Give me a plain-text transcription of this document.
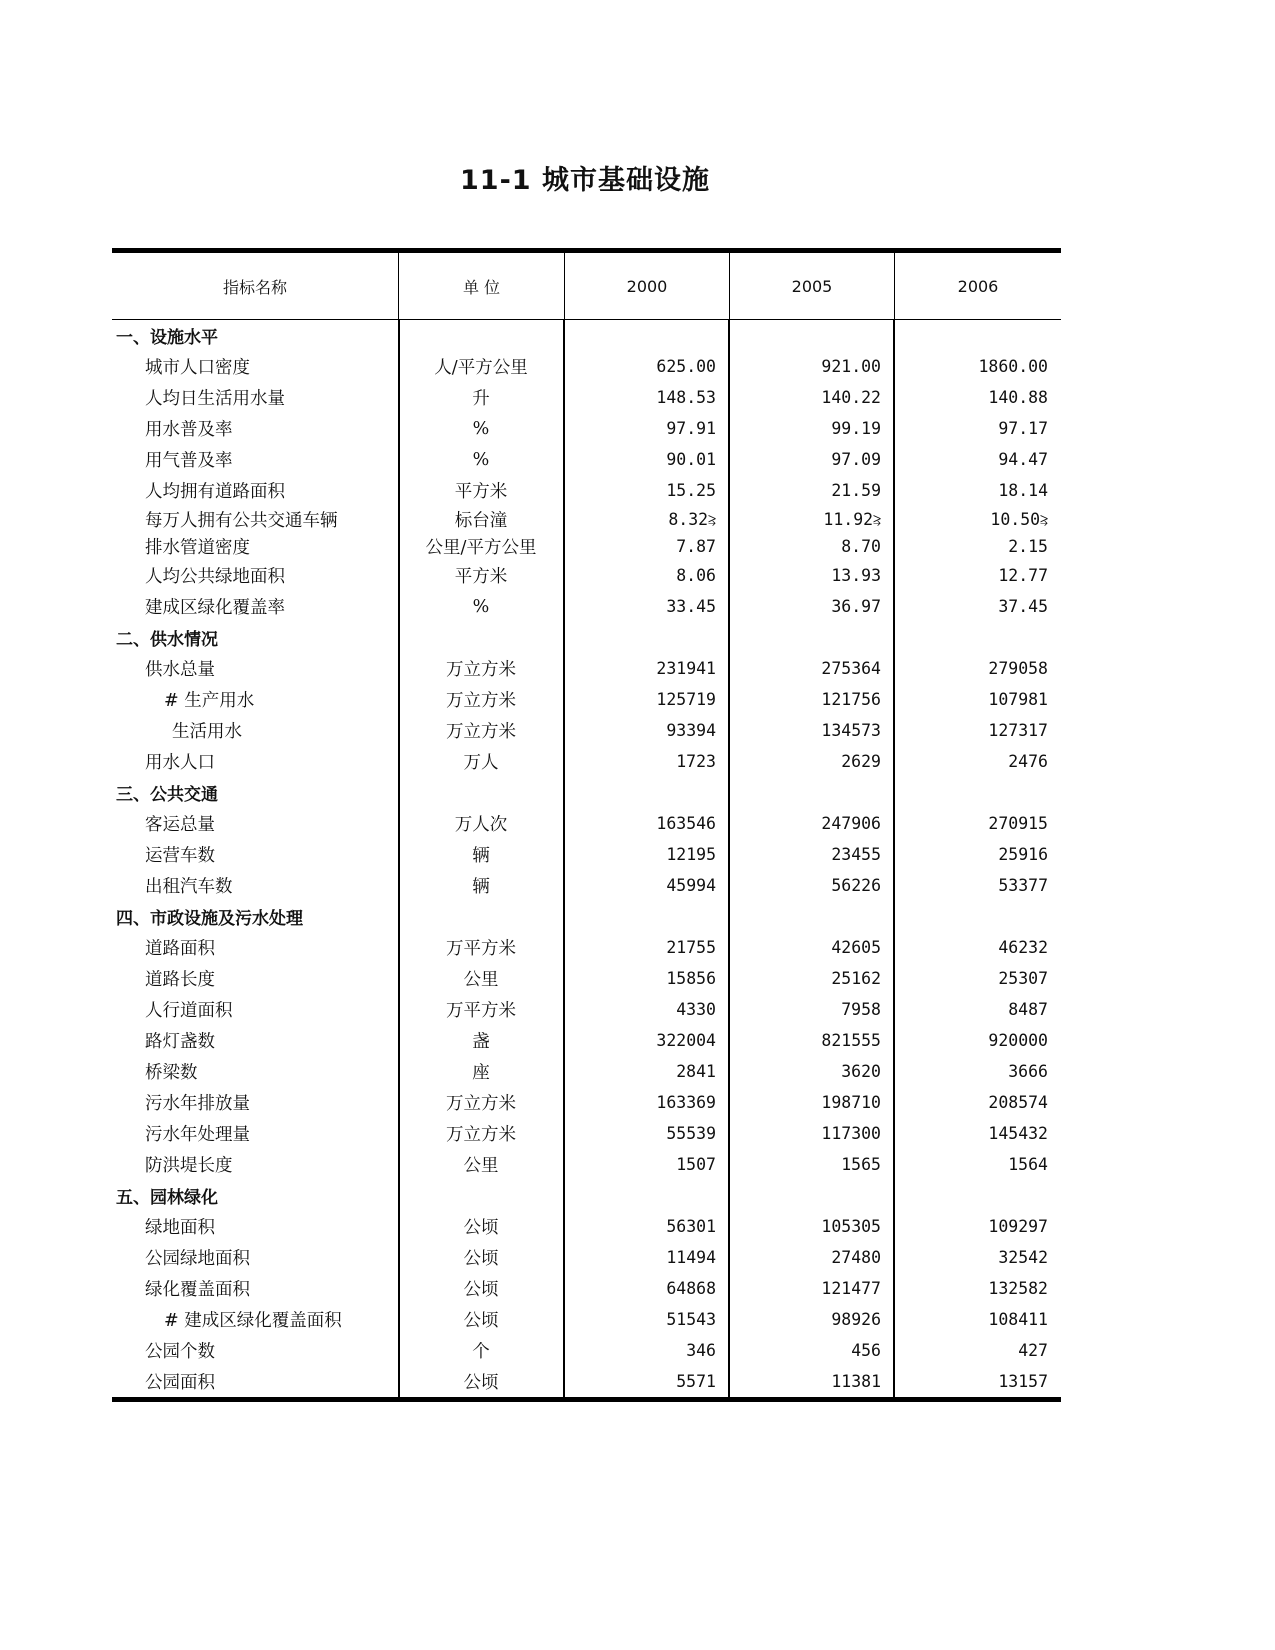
11-1 城市基础设施
指标名称	单 位	2000	2005	2006
一、设施水平
城市人口密度	人/平方公里	625.00	921.00	1860.00
人均日生活用水量	升	148.53	140.22	140.88
用水普及率	%	97.91	99.19	97.17
用气普及率	%	90.01	97.09	94.47
人均拥有道路面积	平方米	15.25	21.59	18.14
每万人拥有公共交通车辆	标台潼	8.32 ⥸	11.92 ⥸	10.50 ⥸
排水管道密度	公里/平方公里	7.87	8.70	2.15
人均公共绿地面积	平方米	8.06	13.93	12.77
建成区绿化覆盖率	%	33.45	36.97	37.45
二、供水情况
供水总量	万立方米	231941	275364	279058
# 生产用水	万立方米	125719	121756	107981
生活用水	万立方米	93394	134573	127317
用水人口	万人	1723	2629	2476
三、公共交通
客运总量	万人次	163546	247906	270915
运营车数	辆	12195	23455	25916
出租汽车数	辆	45994	56226	53377
四、市政设施及污水处理
道路面积	万平方米	21755	42605	46232
道路长度	公里	15856	25162	25307
人行道面积	万平方米	4330	7958	8487
路灯盏数	盏	322004	821555	920000
桥梁数	座	2841	3620	3666
污水年排放量	万立方米	163369	198710	208574
污水年处理量	万立方米	55539	117300	145432
防洪堤长度	公里	1507	1565	1564
五、园林绿化
绿地面积	公顷	56301	105305	109297
公园绿地面积	公顷	11494	27480	32542
绿化覆盖面积	公顷	64868	121477	132582
# 建成区绿化覆盖面积	公顷	51543	98926	108411
公园个数	个	346	456	427
公园面积	公顷	5571	11381	13157
